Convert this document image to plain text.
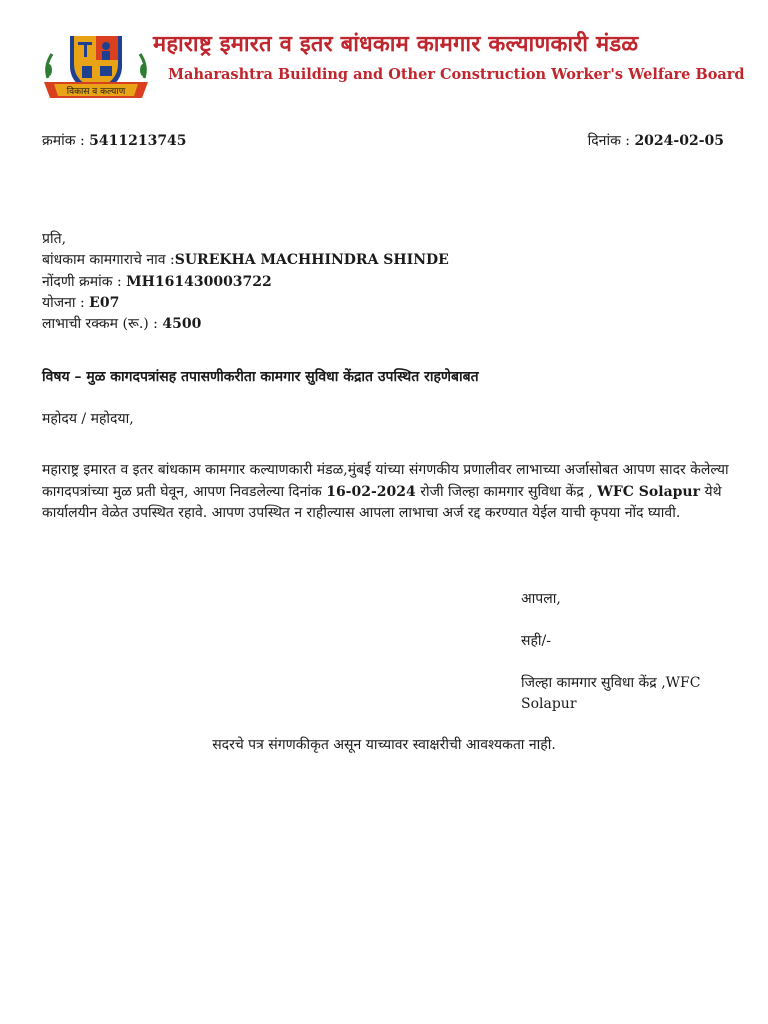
विकास व कल्याण
महाराष्ट्र इमारत व इतर बांधकाम कामगार कल्याणकारी मंडळ
Maharashtra Building and Other Construction Worker's Welfare Board
क्रमांक : 5411213745	दिनांक : 2024-02-05
प्रति,
बांधकाम कामगाराचे नाव :SUREKHA MACHHINDRA SHINDE
नोंदणी क्रमांक : MH161430003722
योजना : E07
लाभाची रक्कम (रू.) : 4500
विषय – मुळ कागदपत्रांसह तपासणीकरीता कामगार सुविधा केंद्रात उपस्थित राहणेबाबत
महोदय / महोदया,
महाराष्ट्र इमारत व इतर बांधकाम कामगार कल्याणकारी मंडळ,मुंबई यांच्या संगणकीय प्रणालीवर लाभाच्या अर्जासोबत आपण सादर केलेल्या कागदपत्रांच्या मुळ प्रती घेवून, आपण निवडलेल्या दिनांक 16-02-2024 रोजी जिल्हा कामगार सुविधा केंद्र , WFC Solapur येथे कार्यालयीन वेळेत उपस्थित रहावे. आपण उपस्थित न राहील्यास आपला लाभाचा अर्ज रद्द करण्यात येईल याची कृपया नोंद घ्यावी.
आपला,
सही/-
जिल्हा कामगार सुविधा केंद्र ,WFC Solapur
सदरचे पत्र संगणकीकृत असून याच्यावर स्वाक्षरीची आवश्यकता नाही.
